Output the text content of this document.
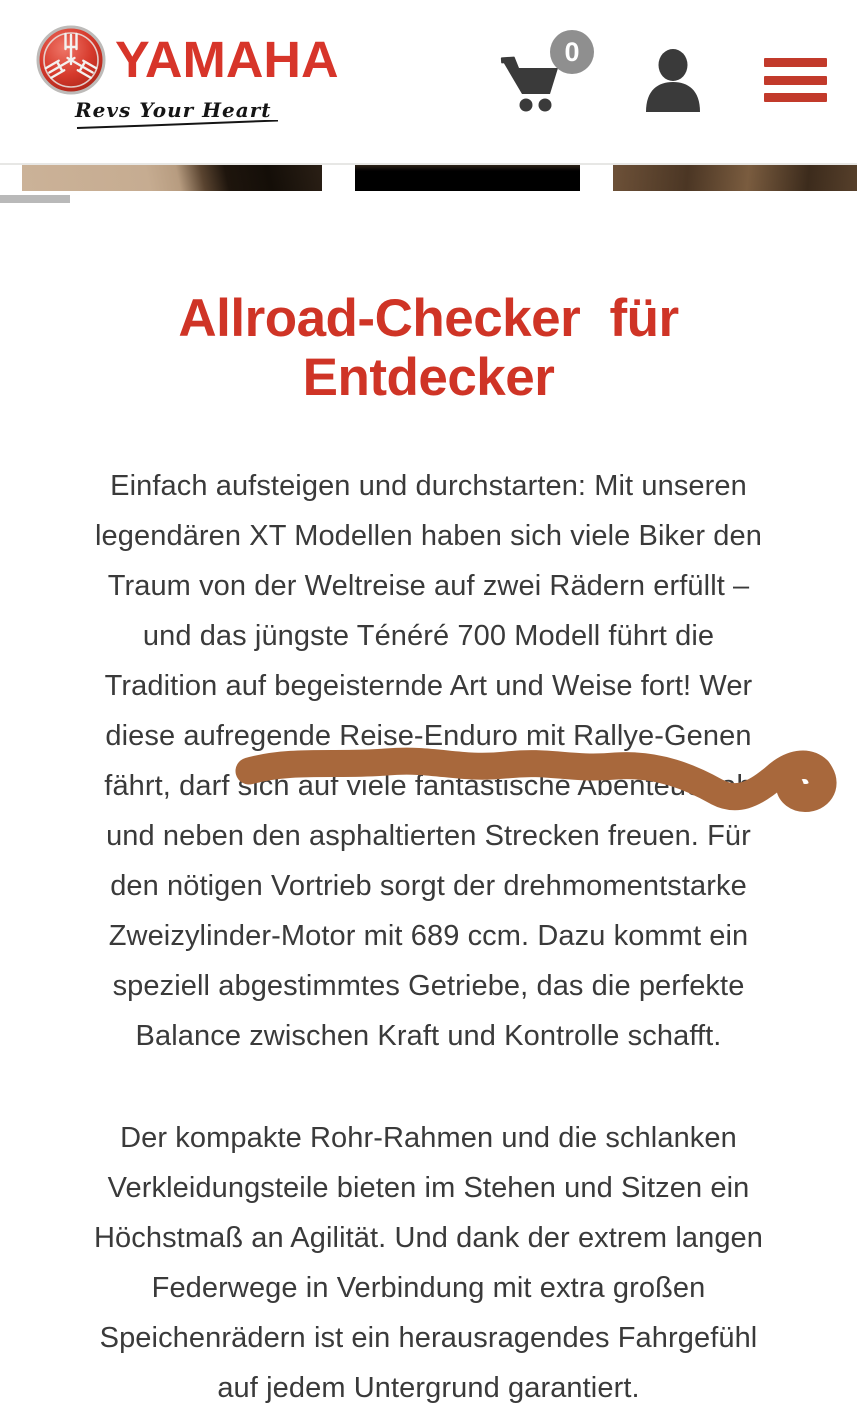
YAMAHA
Revs Your Heart
0
Allroad-Checker für
Entdecker

Einfach aufsteigen und durchstarten: Mit unseren
legendären XT Modellen haben sich viele Biker den
Traum von der Weltreise auf zwei Rädern erfüllt –
und das jüngste Ténéré 700 Modell führt die
Tradition auf begeisternde Art und Weise fort! Wer
diese aufregende Reise-Enduro mit Rallye-Genen
fährt, darf sich auf viele fantastische Abenteuer ab
und neben den asphaltierten Strecken freuen. Für
den nötigen Vortrieb sorgt der drehmomentstarke
Zweizylinder-Motor mit 689 ccm. Dazu kommt ein
speziell abgestimmtes Getriebe, das die perfekte
Balance zwischen Kraft und Kontrolle schafft.

Der kompakte Rohr-Rahmen und die schlanken
Verkleidungsteile bieten im Stehen und Sitzen ein
Höchstmaß an Agilität. Und dank der extrem langen
Federwege in Verbindung mit extra großen
Speichenrädern ist ein herausragendes Fahrgefühl
auf jedem Untergrund garantiert.
